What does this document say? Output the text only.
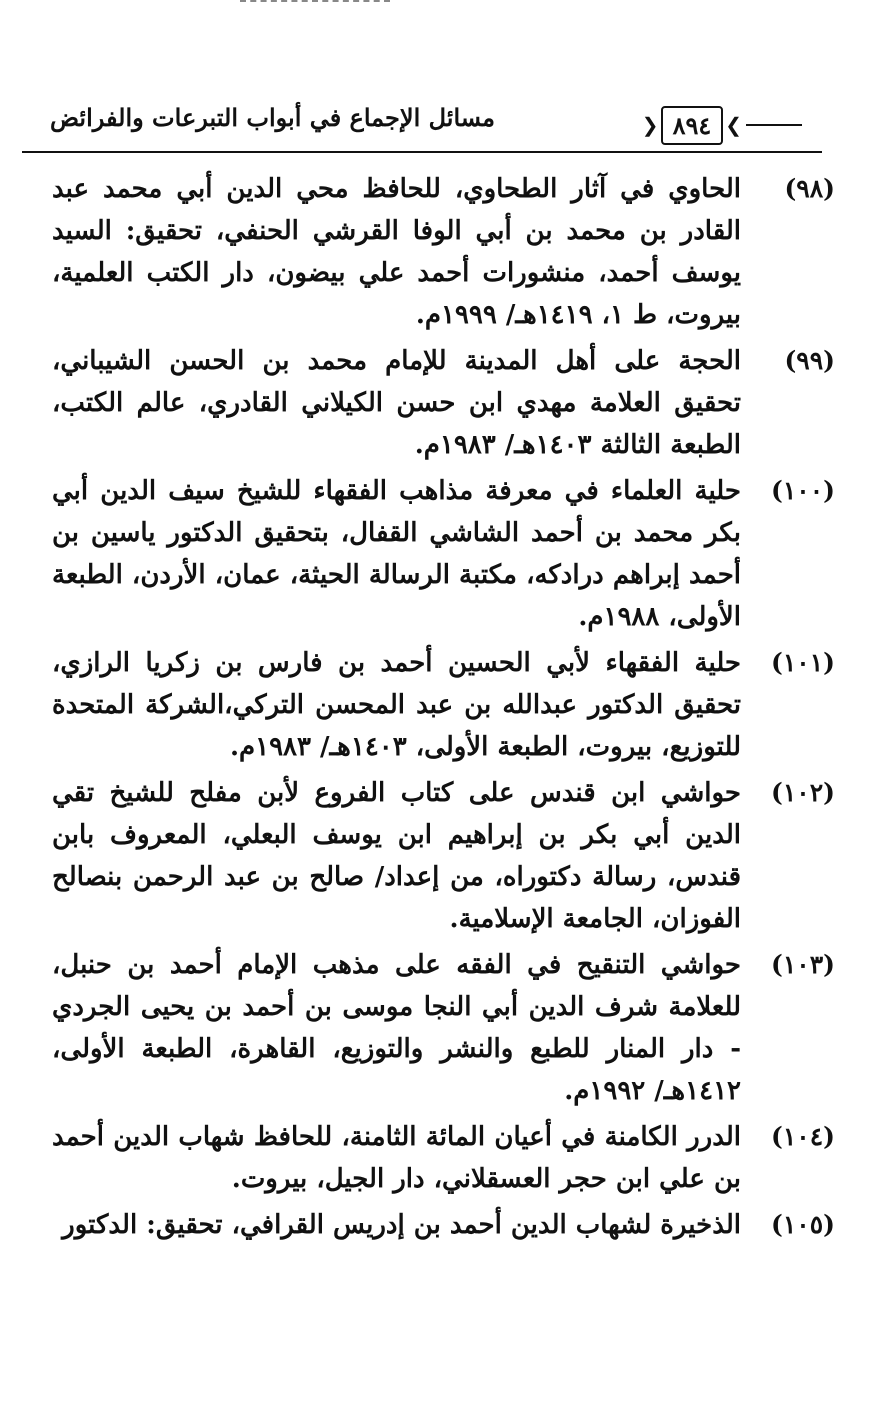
مسائل الإجماع في أبواب التبرعات والفرائض	❯
٨٩٤
❮
(٩٨)
الحاوي في آثار الطحاوي، للحافظ محي الدين أبي محمد عبد القادر بن محمد بن أبي الوفا القرشي الحنفي، تحقيق: السيد يوسف أحمد، منشورات أحمد علي بيضون، دار الكتب العلمية، بيروت، ط ١، ١٤١٩هـ/ ١٩٩٩م.
(٩٩)
الحجة على أهل المدينة للإمام محمد بن الحسن الشيباني، تحقيق العلامة مهدي ابن حسن الكيلاني القادري، عالم الكتب، الطبعة الثالثة ١٤٠٣هـ/ ١٩٨٣م.
(١٠٠)
حلية العلماء في معرفة مذاهب الفقهاء للشيخ سيف الدين أبي بكر محمد بن أحمد الشاشي القفال، بتحقيق الدكتور ياسين بن أحمد إبراهم درادكه، مكتبة الرسالة الحيثة، عمان، الأردن، الطبعة الأولى، ١٩٨٨م.
(١٠١)
حلية الفقهاء لأبي الحسين أحمد بن فارس بن زكريا الرازي، تحقيق الدكتور عبدالله بن عبد المحسن التركي،الشركة المتحدة للتوزيع، بيروت، الطبعة الأولى، ١٤٠٣هـ/ ١٩٨٣م.
(١٠٢)
حواشي ابن قندس على كتاب الفروع لأبن مفلح للشيخ تقي الدين أبي بكر بن إبراهيم ابن يوسف البعلي، المعروف بابن قندس، رسالة دكتوراه، من إعداد/ صالح بن عبد الرحمن بنصالح الفوزان، الجامعة الإسلامية.
(١٠٣)
حواشي التنقيح في الفقه على مذهب الإمام أحمد بن حنبل، للعلامة شرف الدين أبي النجا موسى بن أحمد بن يحيى الجردي - دار المنار للطبع والنشر والتوزيع، القاهرة، الطبعة الأولى، ١٤١٢هـ/ ١٩٩٢م.
(١٠٤)
الدرر الكامنة في أعيان المائة الثامنة، للحافظ شهاب الدين أحمد بن علي ابن حجر العسقلاني، دار الجيل، بيروت.
(١٠٥)
الذخيرة لشهاب الدين أحمد بن إدريس القرافي، تحقيق: الدكتور
